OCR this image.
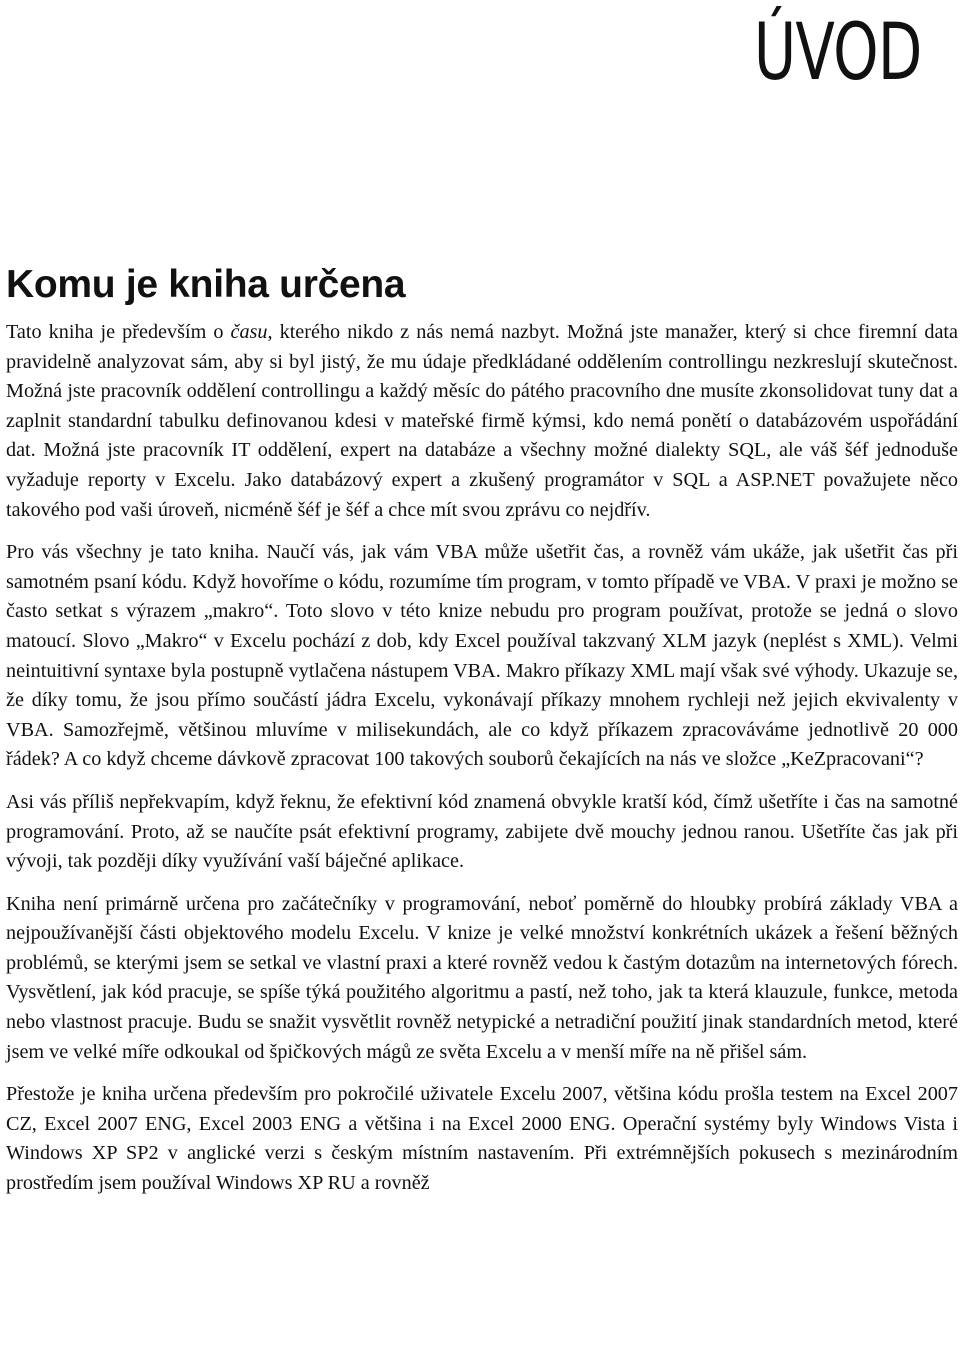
ÚVOD
Komu je kniha určena

Tato kniha je především o času, kterého nikdo z nás nemá nazbyt. Možná jste manažer, který si chce firemní data pravidelně analyzovat sám, aby si byl jistý, že mu údaje předkládané oddělením controllingu nezkreslují skutečnost. Možná jste pracovník oddělení controllingu a každý měsíc do pátého pracovního dne musíte zkonsolidovat tuny dat a zaplnit standardní tabulku definovanou kdesi v mateřské firmě kýmsi, kdo nemá ponětí o databázovém uspořádání dat. Možná jste pracovník IT oddělení, expert na databáze a všechny možné dialekty SQL, ale váš šéf jednoduše vyžaduje reporty v Excelu. Jako databázový expert a zkušený programátor v SQL a ASP.NET považujete něco takového pod vaši úroveň, nicméně šéf je šéf a chce mít svou zprávu co nejdřív.

Pro vás všechny je tato kniha. Naučí vás, jak vám VBA může ušetřit čas, a rovněž vám ukáže, jak ušetřit čas při samotném psaní kódu. Když hovoříme o kódu, rozumíme tím program, v tomto případě ve VBA. V praxi je možno se často setkat s výrazem „makro“. Toto slovo v této knize nebudu pro program používat, protože se jedná o slovo matoucí. Slovo „Makro“ v Excelu pochází z dob, kdy Excel používal takzvaný XLM jazyk (neplést s XML). Velmi neintuitivní syntaxe byla postupně vytlačena nástupem VBA. Makro příkazy XML mají však své výhody. Ukazuje se, že díky tomu, že jsou přímo součástí jádra Excelu, vykonávají příkazy mnohem rychleji než jejich ekvivalenty v VBA. Samozřejmě, většinou mluvíme v milisekundách, ale co když příkazem zpracováváme jednotlivě 20 000 řádek? A co když chceme dávkově zpracovat 100 takových souborů čekajících na nás ve složce „KeZpracovani“?

Asi vás příliš nepřekvapím, když řeknu, že efektivní kód znamená obvykle kratší kód, čímž ušetříte i čas na samotné programování. Proto, až se naučíte psát efektivní programy, zabijete dvě mouchy jednou ranou. Ušetříte čas jak při vývoji, tak později díky využívání vaší báječné aplikace.

Kniha není primárně určena pro začátečníky v programování, neboť poměrně do hloubky probírá základy VBA a nejpoužívanější části objektového modelu Excelu. V knize je velké množství konkrétních ukázek a řešení běžných problémů, se kterými jsem se setkal ve vlastní praxi a které rovněž vedou k častým dotazům na internetových fórech. Vysvětlení, jak kód pracuje, se spíše týká použitého algoritmu a pastí, než toho, jak ta která klauzule, funkce, metoda nebo vlastnost pracuje. Budu se snažit vysvětlit rovněž netypické a netradiční použití jinak standardních metod, které jsem ve velké míře odkoukal od špičkových mágů ze světa Excelu a v menší míře na ně přišel sám.

Přestože je kniha určena především pro pokročilé uživatele Excelu 2007, většina kódu prošla testem na Excel 2007 CZ, Excel 2007 ENG, Excel 2003 ENG a většina i na Excel 2000 ENG. Operační systémy byly Windows Vista i Windows XP SP2 v anglické verzi s českým místním nastavením. Při extrémnějších pokusech s mezinárodním prostředím jsem používal Windows XP RU a rovněž
